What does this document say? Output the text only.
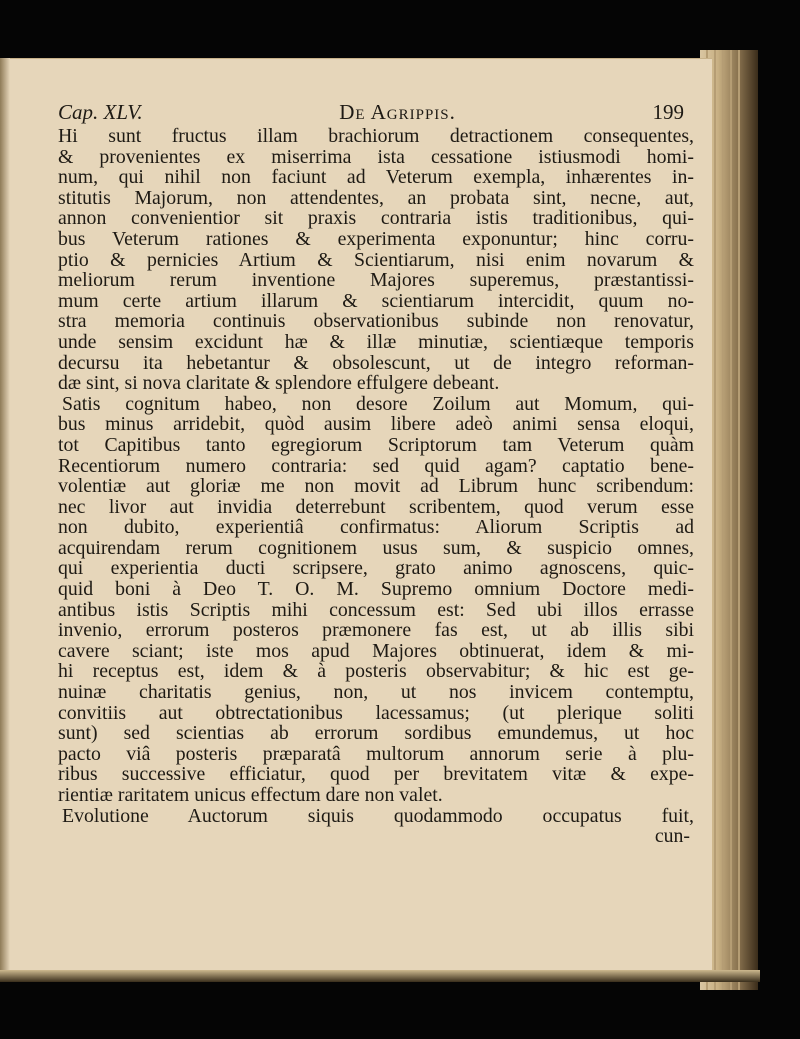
Cap. XLV.	De Agrippis.	199

Hi sunt fructus illam brachiorum detractionem consequentes,

& provenientes ex miserrima ista cessatione istiusmodi homi-

num, qui nihil non faciunt ad Veterum exempla, inhærentes in-

stitutis Majorum, non attendentes, an probata sint, necne, aut,

annon convenientior sit praxis contraria istis traditionibus, qui-

bus Veterum rationes & experimenta exponuntur; hinc corru-

ptio & pernicies Artium & Scientiarum, nisi enim novarum &

meliorum rerum inventione Majores superemus, præstantissi-

mum certe artium illarum & scientiarum intercidit, quum no-

stra memoria continuis observationibus subinde non renovatur,

unde sensim excidunt hæ & illæ minutiæ, scientiæque temporis

decursu ita hebetantur & obsolescunt, ut de integro reforman-

dæ sint, si nova claritate & splendore effulgere debeant.

Satis cognitum habeo, non desore Zoilum aut Momum, qui-

bus minus arridebit, quòd ausim libere adeò animi sensa eloqui,

tot Capitibus tanto egregiorum Scriptorum tam Veterum quàm

Recentiorum numero contraria: sed quid agam? captatio bene-

volentiæ aut gloriæ me non movit ad Librum hunc scribendum:

nec livor aut invidia deterrebunt scribentem, quod verum esse

non dubito, experientiâ confirmatus: Aliorum Scriptis ad

acquirendam rerum cognitionem usus sum, & suspicio omnes,

qui experientia ducti scripsere, grato animo agnoscens, quic-

quid boni à Deo T. O. M. Supremo omnium Doctore medi-

antibus istis Scriptis mihi concessum est: Sed ubi illos errasse

invenio, errorum posteros præmonere fas est, ut ab illis sibi

cavere sciant; iste mos apud Majores obtinuerat, idem & mi-

hi receptus est, idem & à posteris observabitur; & hic est ge-

nuinæ charitatis genius, non, ut nos invicem contemptu,

convitiis aut obtrectationibus lacessamus; (ut plerique soliti

sunt) sed scientias ab errorum sordibus emundemus, ut hoc

pacto viâ posteris præparatâ multorum annorum serie à plu-

ribus successive efficiatur, quod per brevitatem vitæ & expe-

rientiæ raritatem unicus effectum dare non valet.

Evolutione Auctorum siquis quodammodo occupatus fuit,

cun-
